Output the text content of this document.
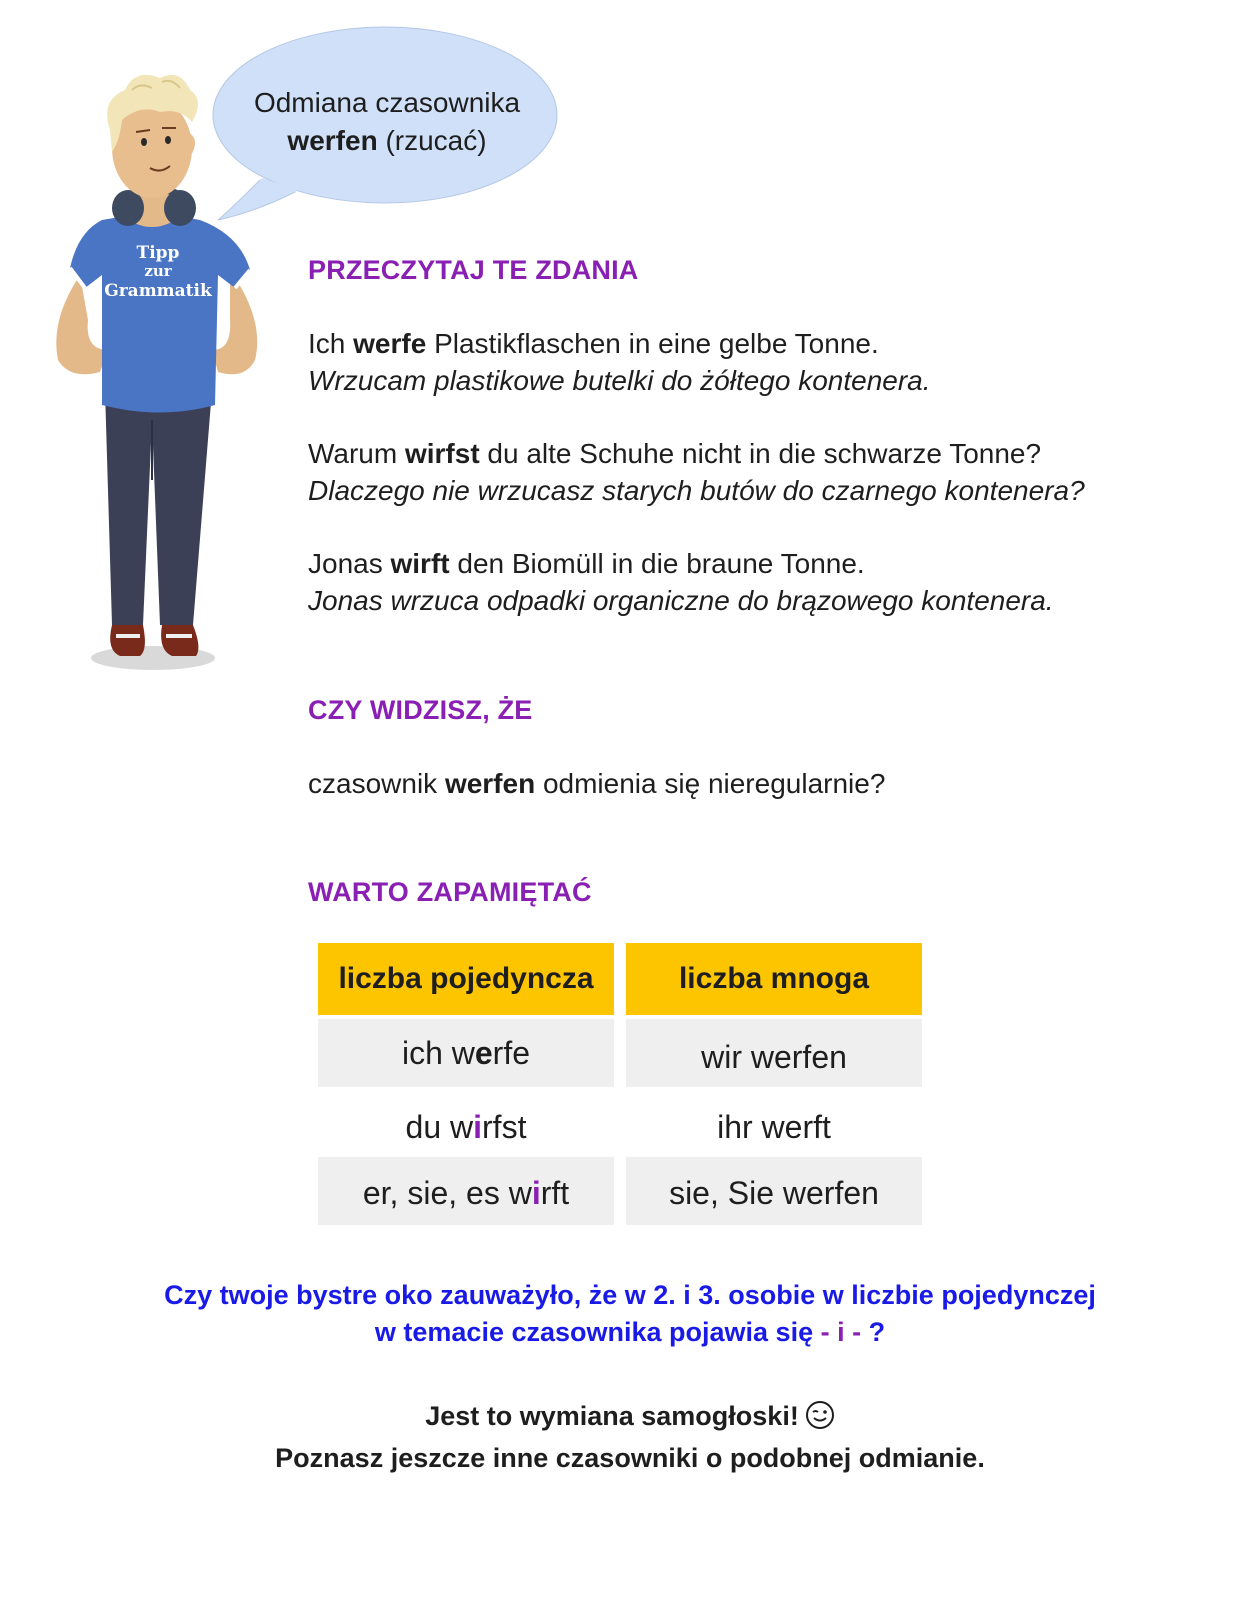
Odmiana czasownika
werfen (rzucać)
Tipp
zur
Grammatik
PRZECZYTAJ TE ZDANIA
Ich werfe Plastikflaschen in eine gelbe Tonne.
Wrzucam plastikowe butelki do żółtego kontenera.
Warum wirfst du alte Schuhe nicht in die schwarze Tonne?
Dlaczego nie wrzucasz starych butów do czarnego kontenera?
Jonas wirft den Biomüll in die braune Tonne.
Jonas wrzuca odpadki organiczne do brązowego kontenera.
CZY WIDZISZ, ŻE
czasownik werfen odmienia się nieregularnie?
WARTO ZAPAMIĘTAĆ
liczba pojedyncza	liczba mnoga
ich werfe	wir werfen
du wirfst	ihr werft
er, sie, es wirft	sie, Sie werfen
Czy twoje bystre oko zauważyło, że w 2. i 3. osobie w liczbie pojedynczej
w temacie czasownika pojawia się - i - ?
Jest to wymiana samogłoski!
Poznasz jeszcze inne czasowniki o podobnej odmianie.
